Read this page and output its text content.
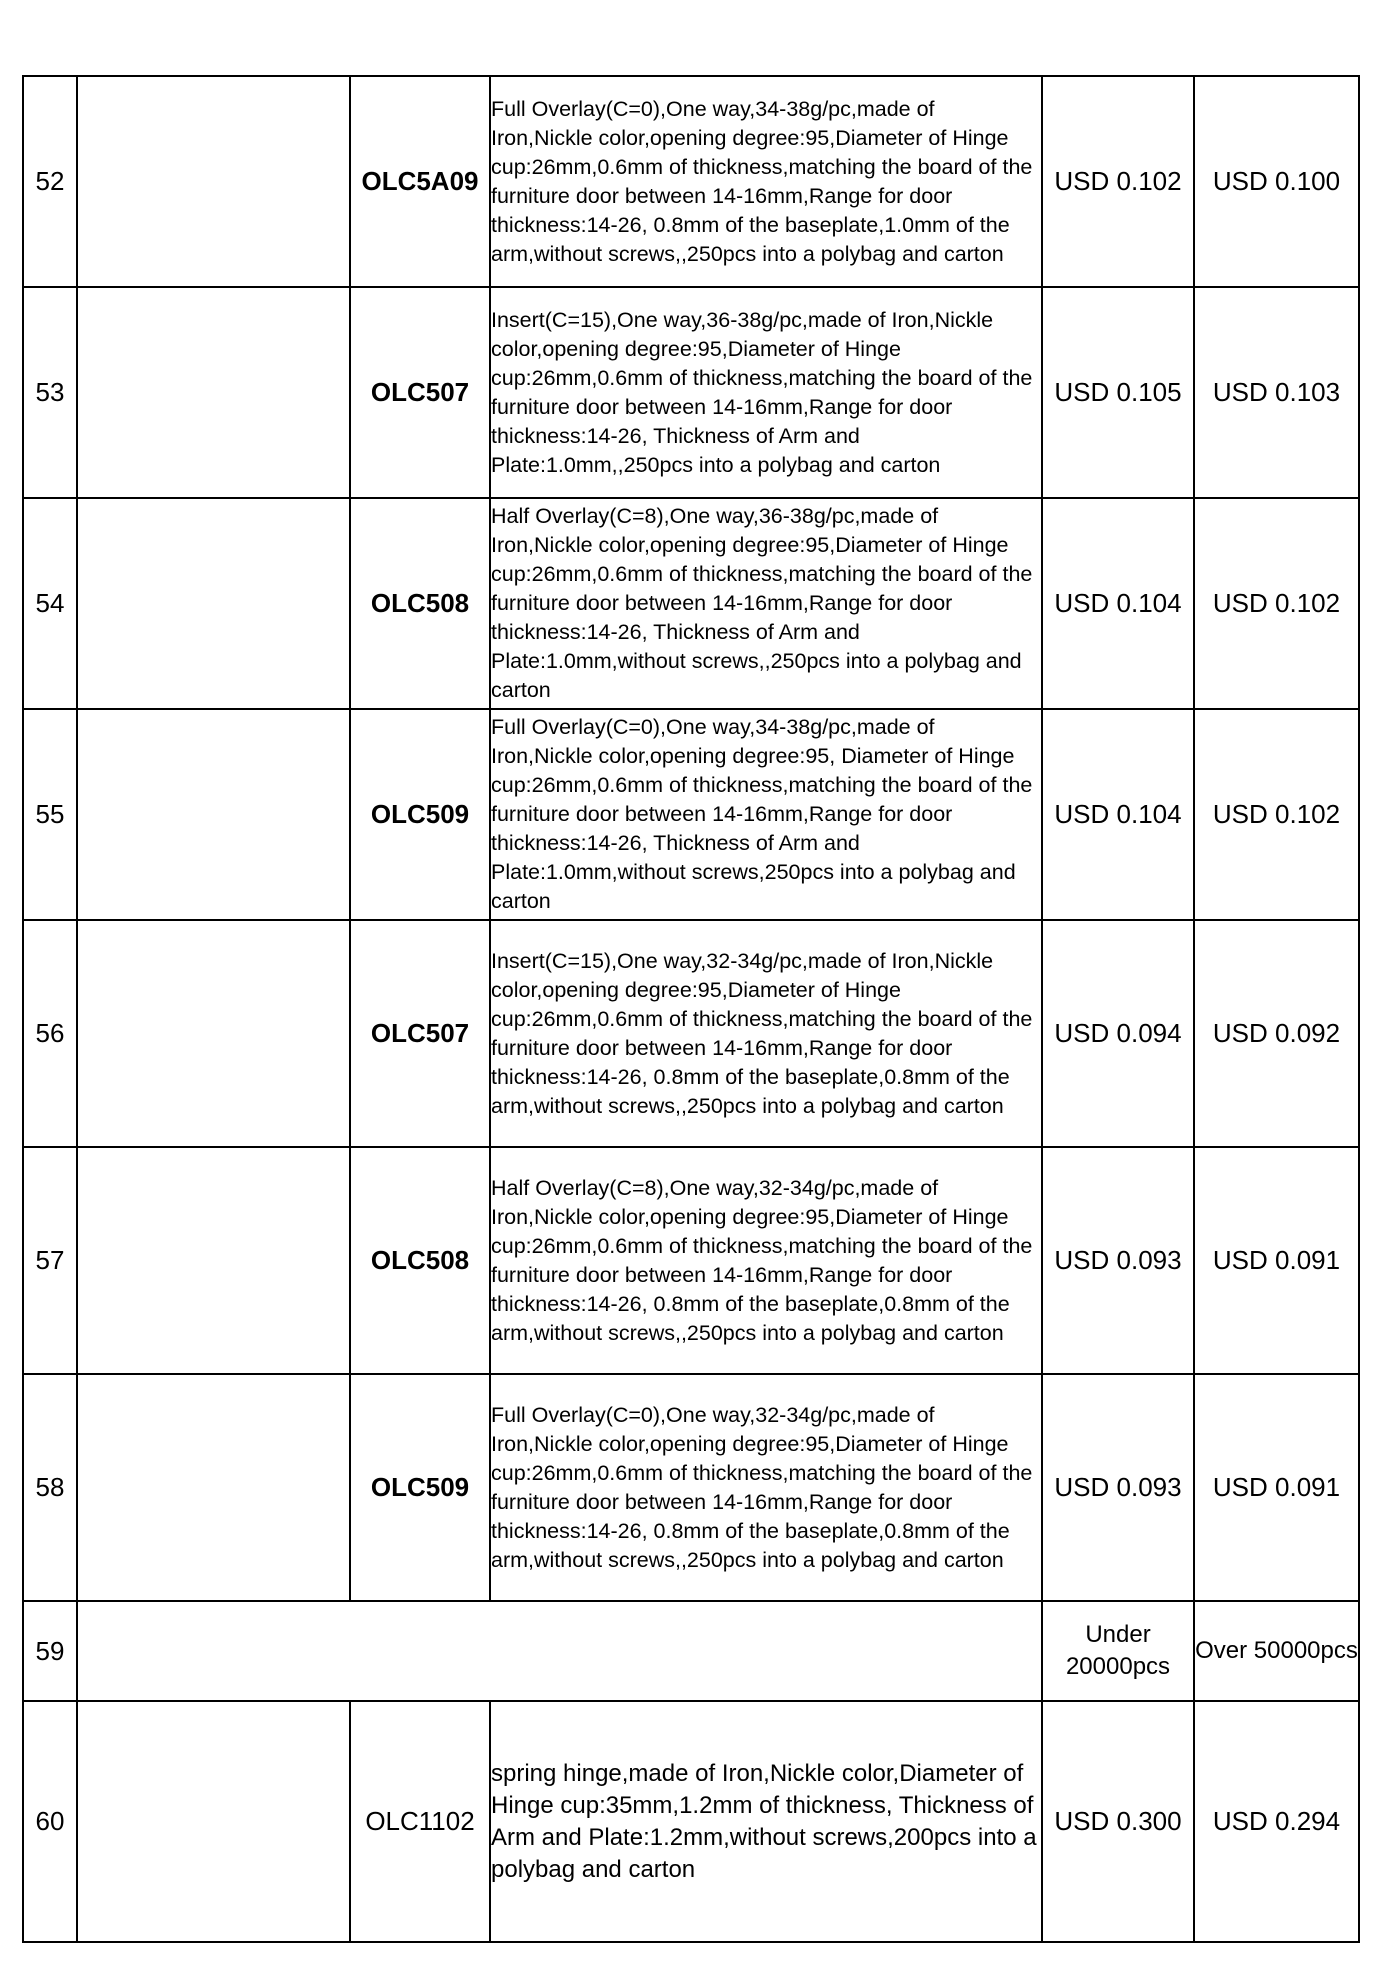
52		OLC5A09	Full Overlay(C=0),One way,34-38g/pc,made of Iron,Nickle color,opening degree:95,Diameter of Hinge cup:26mm,0.6mm of thickness,matching the board of the furniture door between 14-16mm,Range for door thickness:14-26, 0.8mm of the baseplate,1.0mm of the arm,without screws,,250pcs into a polybag and carton	USD 0.102	USD 0.100
53		OLC507	Insert(C=15),One way,36-38g/pc,made of Iron,Nickle color,opening degree:95,Diameter of Hinge cup:26mm,0.6mm of thickness,matching the board of the furniture door between 14-16mm,Range for door thickness:14-26, Thickness of Arm and Plate:1.0mm,,250pcs into a polybag and carton	USD 0.105	USD 0.103
54		OLC508	Half Overlay(C=8),One way,36-38g/pc,made of Iron,Nickle color,opening degree:95,Diameter of Hinge cup:26mm,0.6mm of thickness,matching the board of the furniture door between 14-16mm,Range for door thickness:14-26, Thickness of Arm and Plate:1.0mm,without screws,,250pcs into a polybag and carton	USD 0.104	USD 0.102
55		OLC509	Full Overlay(C=0),One way,34-38g/pc,made of Iron,Nickle color,opening degree:95, Diameter of Hinge cup:26mm,0.6mm of thickness,matching the board of the furniture door between 14-16mm,Range for door thickness:14-26, Thickness of Arm and Plate:1.0mm,without screws,250pcs into a polybag and carton	USD 0.104	USD 0.102
56		OLC507	Insert(C=15),One way,32-34g/pc,made of Iron,Nickle color,opening degree:95,Diameter of Hinge cup:26mm,0.6mm of thickness,matching the board of the furniture door between 14-16mm,Range for door thickness:14-26, 0.8mm of the baseplate,0.8mm of the arm,without screws,,250pcs into a polybag and carton	USD 0.094	USD 0.092
57		OLC508	Half Overlay(C=8),One way,32-34g/pc,made of Iron,Nickle color,opening degree:95,Diameter of Hinge cup:26mm,0.6mm of thickness,matching the board of the furniture door between 14-16mm,Range for door thickness:14-26, 0.8mm of the baseplate,0.8mm of the arm,without screws,,250pcs into a polybag and carton	USD 0.093	USD 0.091
58		OLC509	Full Overlay(C=0),One way,32-34g/pc,made of Iron,Nickle color,opening degree:95,Diameter of Hinge cup:26mm,0.6mm of thickness,matching the board of the furniture door between 14-16mm,Range for door thickness:14-26, 0.8mm of the baseplate,0.8mm of the arm,without screws,,250pcs into a polybag and carton	USD 0.093	USD 0.091
59				Under 20000pcs	Over 50000pcs
60		OLC1102	spring hinge,made of Iron,Nickle color,Diameter of Hinge cup:35mm,1.2mm of thickness, Thickness of Arm and Plate:1.2mm,without screws,200pcs into a polybag and carton	USD 0.300	USD 0.294
